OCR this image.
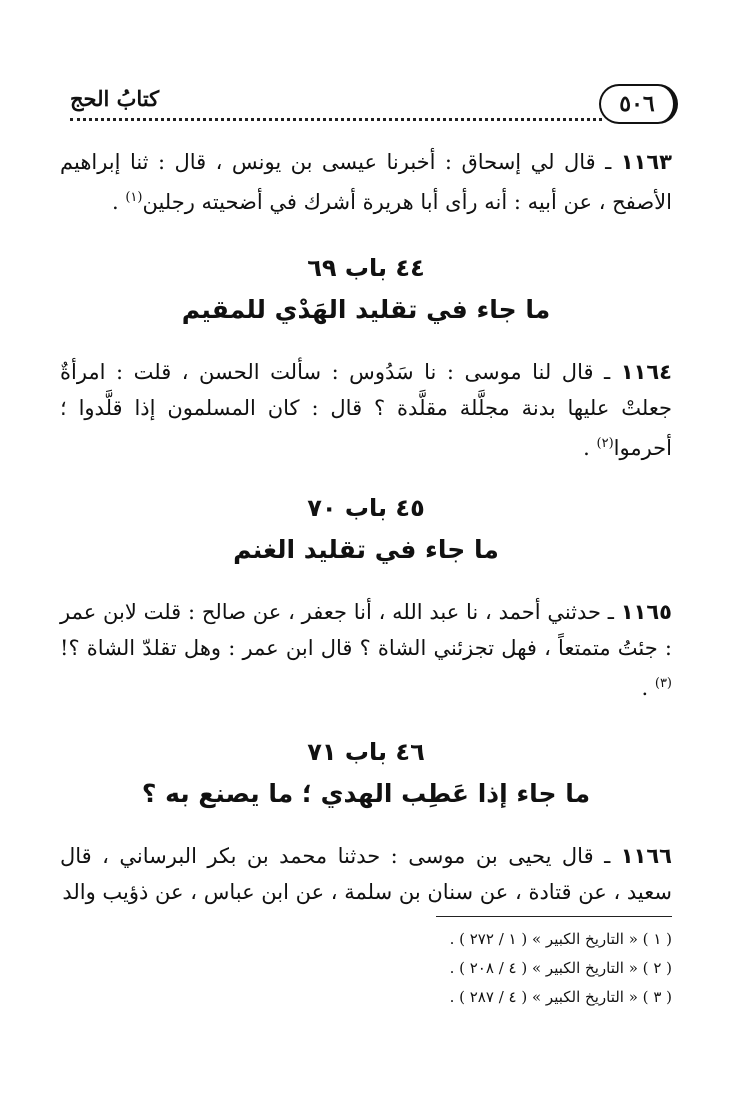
٥٠٦
كتابُ الحج

١١٦٣ ـ قال لي إسحاق : أخبرنا عيسى بن يونس ، قال : ثنا إبراهيم الأصفح ، عن أبيه : أنه رأى أبا هريرة أشرك في أضحيته رجلين$^{(١)}$ .

٤٤ باب ٦٩

ما جاء في تقليد الهَدْي للمقيم

١١٦٤ ـ قال لنا موسى : نا سَدُوس : سألت الحسن ، قلت : امرأةٌ جعلتْ عليها بدنة مجلَّلة مقلَّدة ؟ قال : كان المسلمون إذا قلَّدوا ؛ أحرموا$^{(٢)}$ .

٤٥ باب ٧٠

ما جاء في تقليد الغنم

١١٦٥ ـ حدثني أحمد ، نا عبد الله ، أنا جعفر ، عن صالح : قلت لابن عمر : جئتُ متمتعاً ، فهل تجزئني الشاة ؟ قال ابن عمر : وهل تقلدّ الشاة ؟!$^{(٣)}$ .

٤٦ باب ٧١

ما جاء إذا عَطِب الهدي ؛ ما يصنع به ؟

١١٦٦ ـ قال يحيى بن موسى : حدثنا محمد بن بكر البرساني ، قال سعيد ، عن قتادة ، عن سنان بن سلمة ، عن ابن عباس ، عن ذؤيب والد

( ١ ) « التاريخ الكبير » ( ١ / ٢٧٢ ) .

( ٢ ) « التاريخ الكبير » ( ٤ / ٢٠٨ ) .

( ٣ ) « التاريخ الكبير » ( ٤ / ٢٨٧ ) .
